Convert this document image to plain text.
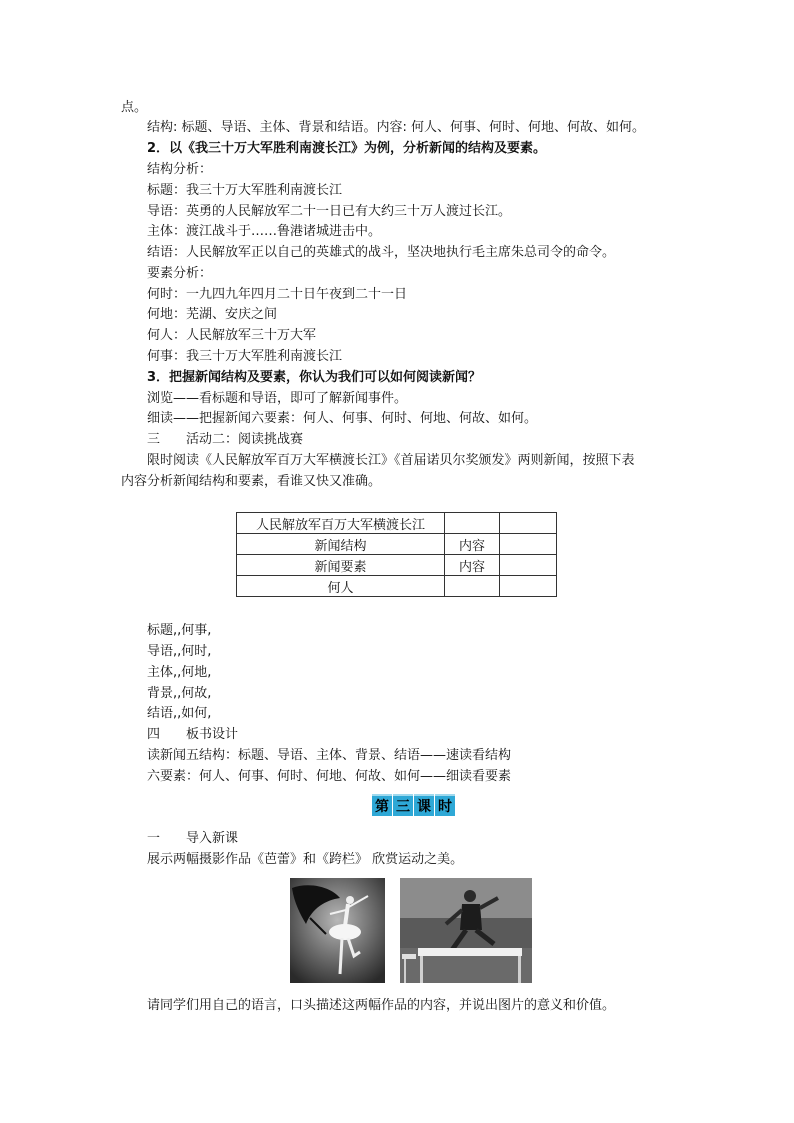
点。
结构: 标题、导语、主体、背景和结语。内容: 何人、何事、何时、何地、何故、如何。
2．以《我三十万大军胜利南渡长江》为例，分析新闻的结构及要素。
结构分析：
标题：我三十万大军胜利南渡长江
导语：英勇的人民解放军二十一日已有大约三十万人渡过长江。
主体：渡江战斗于……鲁港诸城进击中。
结语：人民解放军正以自己的英雄式的战斗，坚决地执行毛主席朱总司令的命令。
要素分析：
何时：一九四九年四月二十日午夜到二十一日
何地：芜湖、安庆之间
何人：人民解放军三十万大军
何事：我三十万大军胜利南渡长江
3．把握新闻结构及要素，你认为我们可以如何阅读新闻？
浏览——看标题和导语，即可了解新闻事件。
细读——把握新闻六要素：何人、何事、何时、何地、何故、如何。
三　　活动二：阅读挑战赛
限时阅读《人民解放军百万大军横渡长江》《首届诺贝尔奖颁发》两则新闻，按照下表
内容分析新闻结构和要素，看谁又快又准确。
人民解放军百万大军横渡长江		
新闻结构	内容	
新闻要素	内容	
何人		
标题,,何事,
导语,,何时,
主体,,何地,
背景,,何故,
结语,,如何,
四　　板书设计
读新闻五结构：标题、导语、主体、背景、结语——速读看结构
六要素：何人、何事、何时、何地、何故、如何——细读看要素
第 三 课 时
一　　导入新课
展示两幅摄影作品《芭蕾》和《跨栏》 欣赏运动之美。
请同学们用自己的语言，口头描述这两幅作品的内容，并说出图片的意义和价值。
